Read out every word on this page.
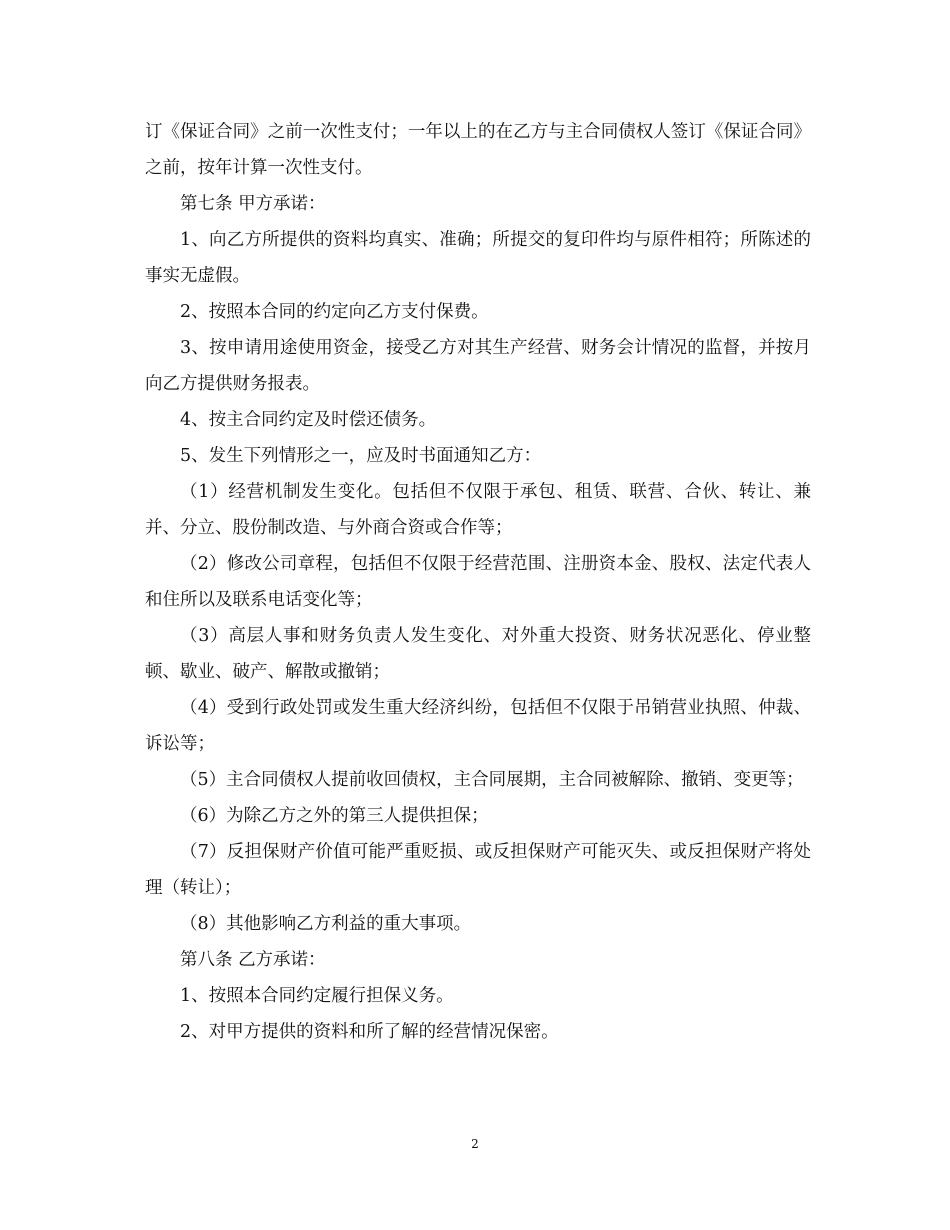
订《保证合同》之前一次性支付；一年以上的在乙方与主合同债权人签订《保证合同》之前，按年计算一次性支付。

第七条 甲方承诺：

1、向乙方所提供的资料均真实、准确；所提交的复印件均与原件相符；所陈述的事实无虚假。

2、按照本合同的约定向乙方支付保费。

3、按申请用途使用资金，接受乙方对其生产经营、财务会计情况的监督，并按月向乙方提供财务报表。

4、按主合同约定及时偿还债务。

5、发生下列情形之一，应及时书面通知乙方：

（1）经营机制发生变化。包括但不仅限于承包、租赁、联营、合伙、转让、兼并、分立、股份制改造、与外商合资或合作等；

（2）修改公司章程，包括但不仅限于经营范围、注册资本金、股权、法定代表人和住所以及联系电话变化等；

（3）高层人事和财务负责人发生变化、对外重大投资、财务状况恶化、停业整顿、歇业、破产、解散或撤销；

（4）受到行政处罚或发生重大经济纠纷，包括但不仅限于吊销营业执照、仲裁、诉讼等；

（5）主合同债权人提前收回债权，主合同展期，主合同被解除、撤销、变更等；

（6）为除乙方之外的第三人提供担保；

（7）反担保财产价值可能严重贬损、或反担保财产可能灭失、或反担保财产将处理（转让）；

（8）其他影响乙方利益的重大事项。

第八条 乙方承诺：

1、按照本合同约定履行担保义务。

2、对甲方提供的资料和所了解的经营情况保密。

2
